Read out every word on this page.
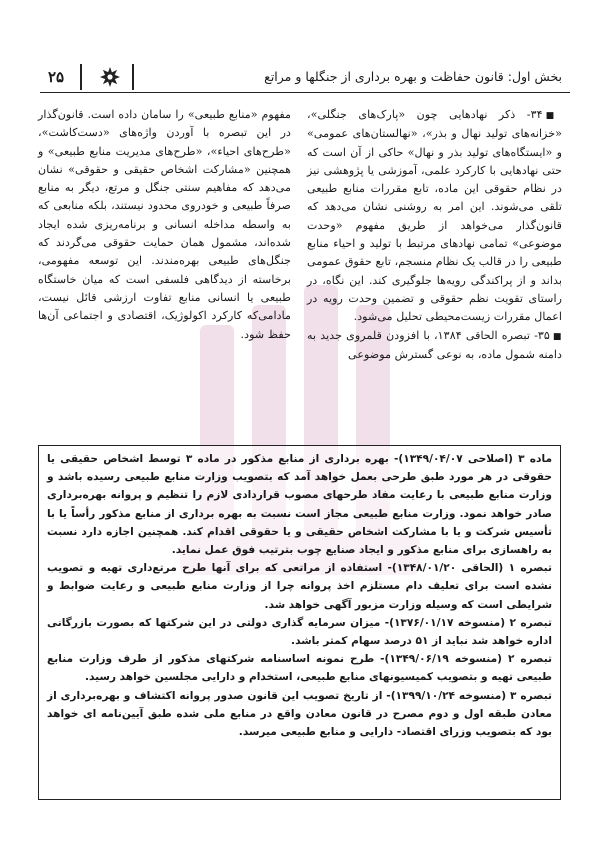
۲۵	بخش اول: قانون حفاظت و بهره برداری از جنگلها و مراتع

■۳۴- ذکر نهادهایی چون «پارک‌های جنگلی»، «خزانه‌های تولید نهال و بذر»، «نهالستان‌های عمومی» و «ایستگاه‌های تولید بذر و نهال» حاکی از آن است که حتی نهادهایی با کارکرد علمی، آموزشی یا پژوهشی نیز در نظام حقوقی این ماده، تابع مقررات منابع طبیعی تلقی می‌شوند. این امر به روشنی نشان می‌دهد که قانون‌گذار می‌خواهد از طریق مفهوم «وحدت موضوعی» تمامی نهادهای مرتبط با تولید و احیاء منابع طبیعی را در قالب یک نظام منسجم، تابع حقوق عمومی بداند و از پراکندگی رویه‌ها جلوگیری کند. این نگاه، در راستای تقویت نظم حقوقی و تضمین وحدت رویه در اعمال مقررات زیست‌محیطی تحلیل می‌شود.

■۳۵- تبصره الحاقی ۱۳۸۴، با افزودن قلمروی جدید به دامنه شمول ماده، به نوعی گسترش موضوعی

مفهوم «منابع طبیعی» را سامان داده است. قانون‌گذار در این تبصره با آوردن واژه‌های «دست‌کاشت»، «طرح‌های احیاء»، «طرح‌های مدیریت منابع طبیعی» و همچنین «مشارکت اشخاص حقیقی و حقوقی» نشان می‌دهد که مفاهیم سنتی جنگل و مرتع، دیگر به منابع صرفاً طبیعی و خودروی محدود نیستند، بلکه منابعی که به واسطه مداخله انسانی و برنامه‌ریزی شده ایجاد شده‌اند، مشمول همان حمایت حقوقی می‌گردند که جنگل‌های طبیعی بهره‌مندند. این توسعه مفهومی، برخاسته از دیدگاهی فلسفی است که میان خاستگاه طبیعی یا انسانی منابع تفاوت ارزشی قائل نیست، مادامی‌که کارکرد اکولوژیک، اقتصادی و اجتماعی آن‌ها حفظ شود.

ماده ۳ (اصلاحی ۱۳۴۹/۰۴/۰۷)- بهره برداری از منابع مذکور در ماده ۳ توسط اشخاص حقیقی یا حقوقی در هر مورد طبق طرحی بعمل خواهد آمد که بتصویب وزارت منابع طبیعی رسیده باشد و وزارت منابع طبیعی با رعایت مفاد طرحهای مصوب قراردادی لازم را تنظیم و پروانه بهره‌برداری صادر خواهد نمود. وزارت منابع طبیعی مجاز است نسبت به بهره برداری از منابع مذکور رأساً یا با تأسیس شرکت و یا با مشارکت اشخاص حقیقی و یا حقوقی اقدام کند. همچنین اجازه دارد نسبت به راهسازی برای منابع مذکور و ایجاد صنایع چوب بترتیب فوق عمل نماید.

تبصره ۱ (الحاقی ۱۳۴۸/۰۱/۲۰)- استفاده از مراتعی که برای آنها طرح مرتع‌داری تهیه و تصویب نشده است برای تعلیف دام مستلزم اخذ پروانه چرا از وزارت منابع طبیعی و رعایت ضوابط و شرایطی است که وسیله وزارت مزبور آگهی خواهد شد.

تبصره ۲ (منسوخه ۱۳۷۶/۰۱/۱۷)- میزان سرمایه گذاری دولتی در این شرکتها که بصورت بازرگانی اداره خواهد شد نباید از ۵۱ درصد سهام کمتر باشد.

تبصره ۲ (منسوخه ۱۳۴۹/۰۶/۱۹)- طرح نمونه اساسنامه شرکتهای مذکور از طرف وزارت منابع طبیعی تهیه و بتصویب کمیسیونهای منابع طبیعی، استخدام و دارایی مجلسین خواهد رسید.

تبصره ۳ (منسوخه ۱۳۹۹/۱۰/۲۴)- از تاریخ تصویب این قانون صدور پروانه اکتشاف و بهره‌برداری از معادن طبقه اول و دوم مصرح در قانون معادن واقع در منابع ملی شده طبق آیین‌نامه ای خواهد بود که بتصویب وزرای اقتصاد- دارایی و منابع طبیعی میرسد.
